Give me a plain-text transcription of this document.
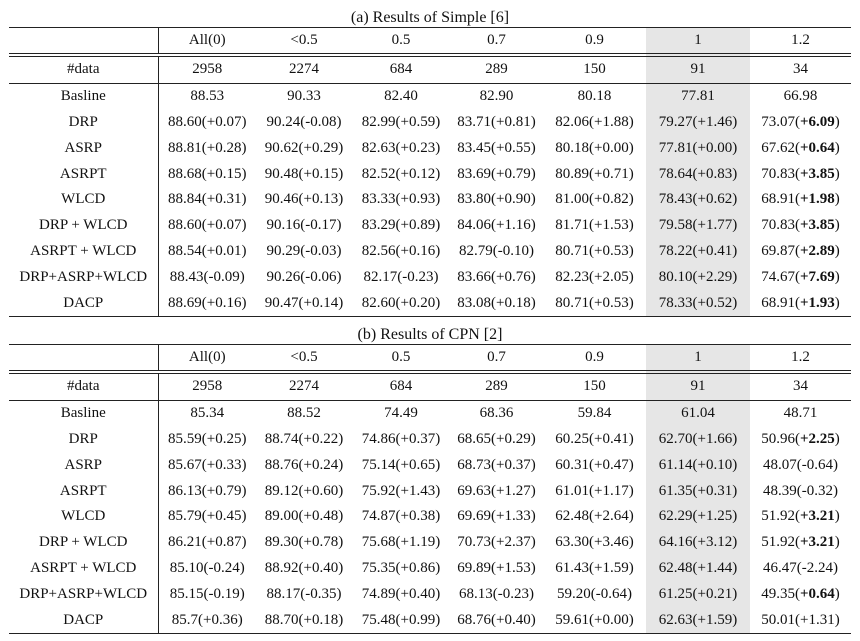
(a) Results of Simple [6]
	All(0)	<0.5	0.5	0.7	0.9	1	1.2
#data	2958	2274	684	289	150	91	34
Basline	88.53	90.33	82.40	82.90	80.18	77.81	66.98
DRP	88.60(+0.07)	90.24(-0.08)	82.99(+0.59)	83.71(+0.81)	82.06(+1.88)	79.27(+1.46)	73.07(+6.09)
ASRP	88.81(+0.28)	90.62(+0.29)	82.63(+0.23)	83.45(+0.55)	80.18(+0.00)	77.81(+0.00)	67.62(+0.64)
ASRPT	88.68(+0.15)	90.48(+0.15)	82.52(+0.12)	83.69(+0.79)	80.89(+0.71)	78.64(+0.83)	70.83(+3.85)
WLCD	88.84(+0.31)	90.46(+0.13)	83.33(+0.93)	83.80(+0.90)	81.00(+0.82)	78.43(+0.62)	68.91(+1.98)
DRP + WLCD	88.60(+0.07)	90.16(-0.17)	83.29(+0.89)	84.06(+1.16)	81.71(+1.53)	79.58(+1.77)	70.83(+3.85)
ASRPT + WLCD	88.54(+0.01)	90.29(-0.03)	82.56(+0.16)	82.79(-0.10)	80.71(+0.53)	78.22(+0.41)	69.87(+2.89)
DRP+ASRP+WLCD	88.43(-0.09)	90.26(-0.06)	82.17(-0.23)	83.66(+0.76)	82.23(+2.05)	80.10(+2.29)	74.67(+7.69)
DACP	88.69(+0.16)	90.47(+0.14)	82.60(+0.20)	83.08(+0.18)	80.71(+0.53)	78.33(+0.52)	68.91(+1.93)
(b) Results of CPN [2]
	All(0)	<0.5	0.5	0.7	0.9	1	1.2
#data	2958	2274	684	289	150	91	34
Basline	85.34	88.52	74.49	68.36	59.84	61.04	48.71
DRP	85.59(+0.25)	88.74(+0.22)	74.86(+0.37)	68.65(+0.29)	60.25(+0.41)	62.70(+1.66)	50.96(+2.25)
ASRP	85.67(+0.33)	88.76(+0.24)	75.14(+0.65)	68.73(+0.37)	60.31(+0.47)	61.14(+0.10)	48.07(-0.64)
ASRPT	86.13(+0.79)	89.12(+0.60)	75.92(+1.43)	69.63(+1.27)	61.01(+1.17)	61.35(+0.31)	48.39(-0.32)
WLCD	85.79(+0.45)	89.00(+0.48)	74.87(+0.38)	69.69(+1.33)	62.48(+2.64)	62.29(+1.25)	51.92(+3.21)
DRP + WLCD	86.21(+0.87)	89.30(+0.78)	75.68(+1.19)	70.73(+2.37)	63.30(+3.46)	64.16(+3.12)	51.92(+3.21)
ASRPT + WLCD	85.10(-0.24)	88.92(+0.40)	75.35(+0.86)	69.89(+1.53)	61.43(+1.59)	62.48(+1.44)	46.47(-2.24)
DRP+ASRP+WLCD	85.15(-0.19)	88.17(-0.35)	74.89(+0.40)	68.13(-0.23)	59.20(-0.64)	61.25(+0.21)	49.35(+0.64)
DACP	85.7(+0.36)	88.70(+0.18)	75.48(+0.99)	68.76(+0.40)	59.61(+0.00)	62.63(+1.59)	50.01(+1.31)
